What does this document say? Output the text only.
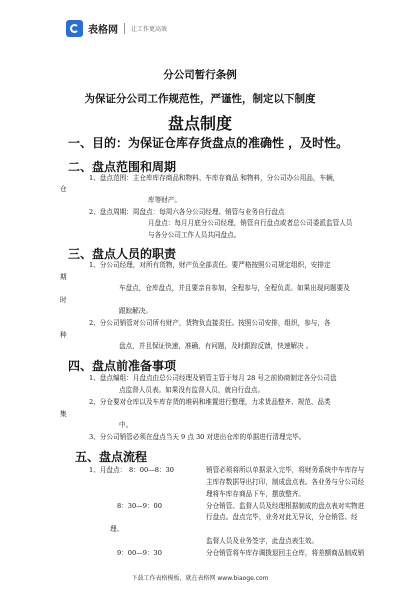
表格网 让工作更高效
分公司暂行条例
为保证分公司工作规范性，严谨性，制定以下制度
盘点制度
一、目的：为保证仓库存货盘点的准确性 ，及时性。
二、盘点范围和周期
1、盘点范围：主仓库库存商品和物料、车库存商品 和物料，分公司办公用品，车辆，
仓
库等财产。
2、盘点周期：周盘点：每周六各分公司经理、销管与业务自行盘点
月盘点：每月月底分公司经理，销管自行盘点或者总公司委派监管人员
与各分公司工作人员共同盘点。
三、盘点人员的职责
1、分公司经理，对所有货物，财产负全部责任。要严格按照公司规定组织，安排定
期
车盘点，仓库盘点，并且要亲自参加，全程参与，全程负责。如果出现问题要及
时
跟踪解决。
2、分公司销管对公司所有财产，货物负直接责任。按照公司安排，组织，参与，各
种
盘点，并且保证快速，准确，有问题，及时跟踪反馈，快速解决 。
四、盘点前准备事项
1、盘点编组：月盘点由总公司经理及销管主管于每月 28 号之前协商制定各分公司盘
点监督人员表。如果没有监督人员，就自行盘点。
2、分仓要对仓库以及车库存货的堆码和堆置进行整理，力求货品整齐、规范、品类
集
中。
3、分公司销管必须在盘点当天 9 点 30 对进出仓库的单据进行清理完毕。
五、盘点流程
1、月盘点： 8：00—8：30	销管必须将所以单据录入完毕，将财务系统中车库存与
主库存数据导出打印，制成盘点表。各业务与分公司经
理将车库存商品下车，摆放整齐。
8：30—9：00	分仓销管、监督人员及经理根据制成的盘点表对实物进
行盘点。盘点完毕，业务对此无异议，分仓销管、经
理、
监督人员及业务签字，此盘点表生效。
9：00—9：30	分仓销管将车库存调拨退回主仓库，将差额商品制成销
下载工作表格模板，就在表格网 www.biaoge.com
